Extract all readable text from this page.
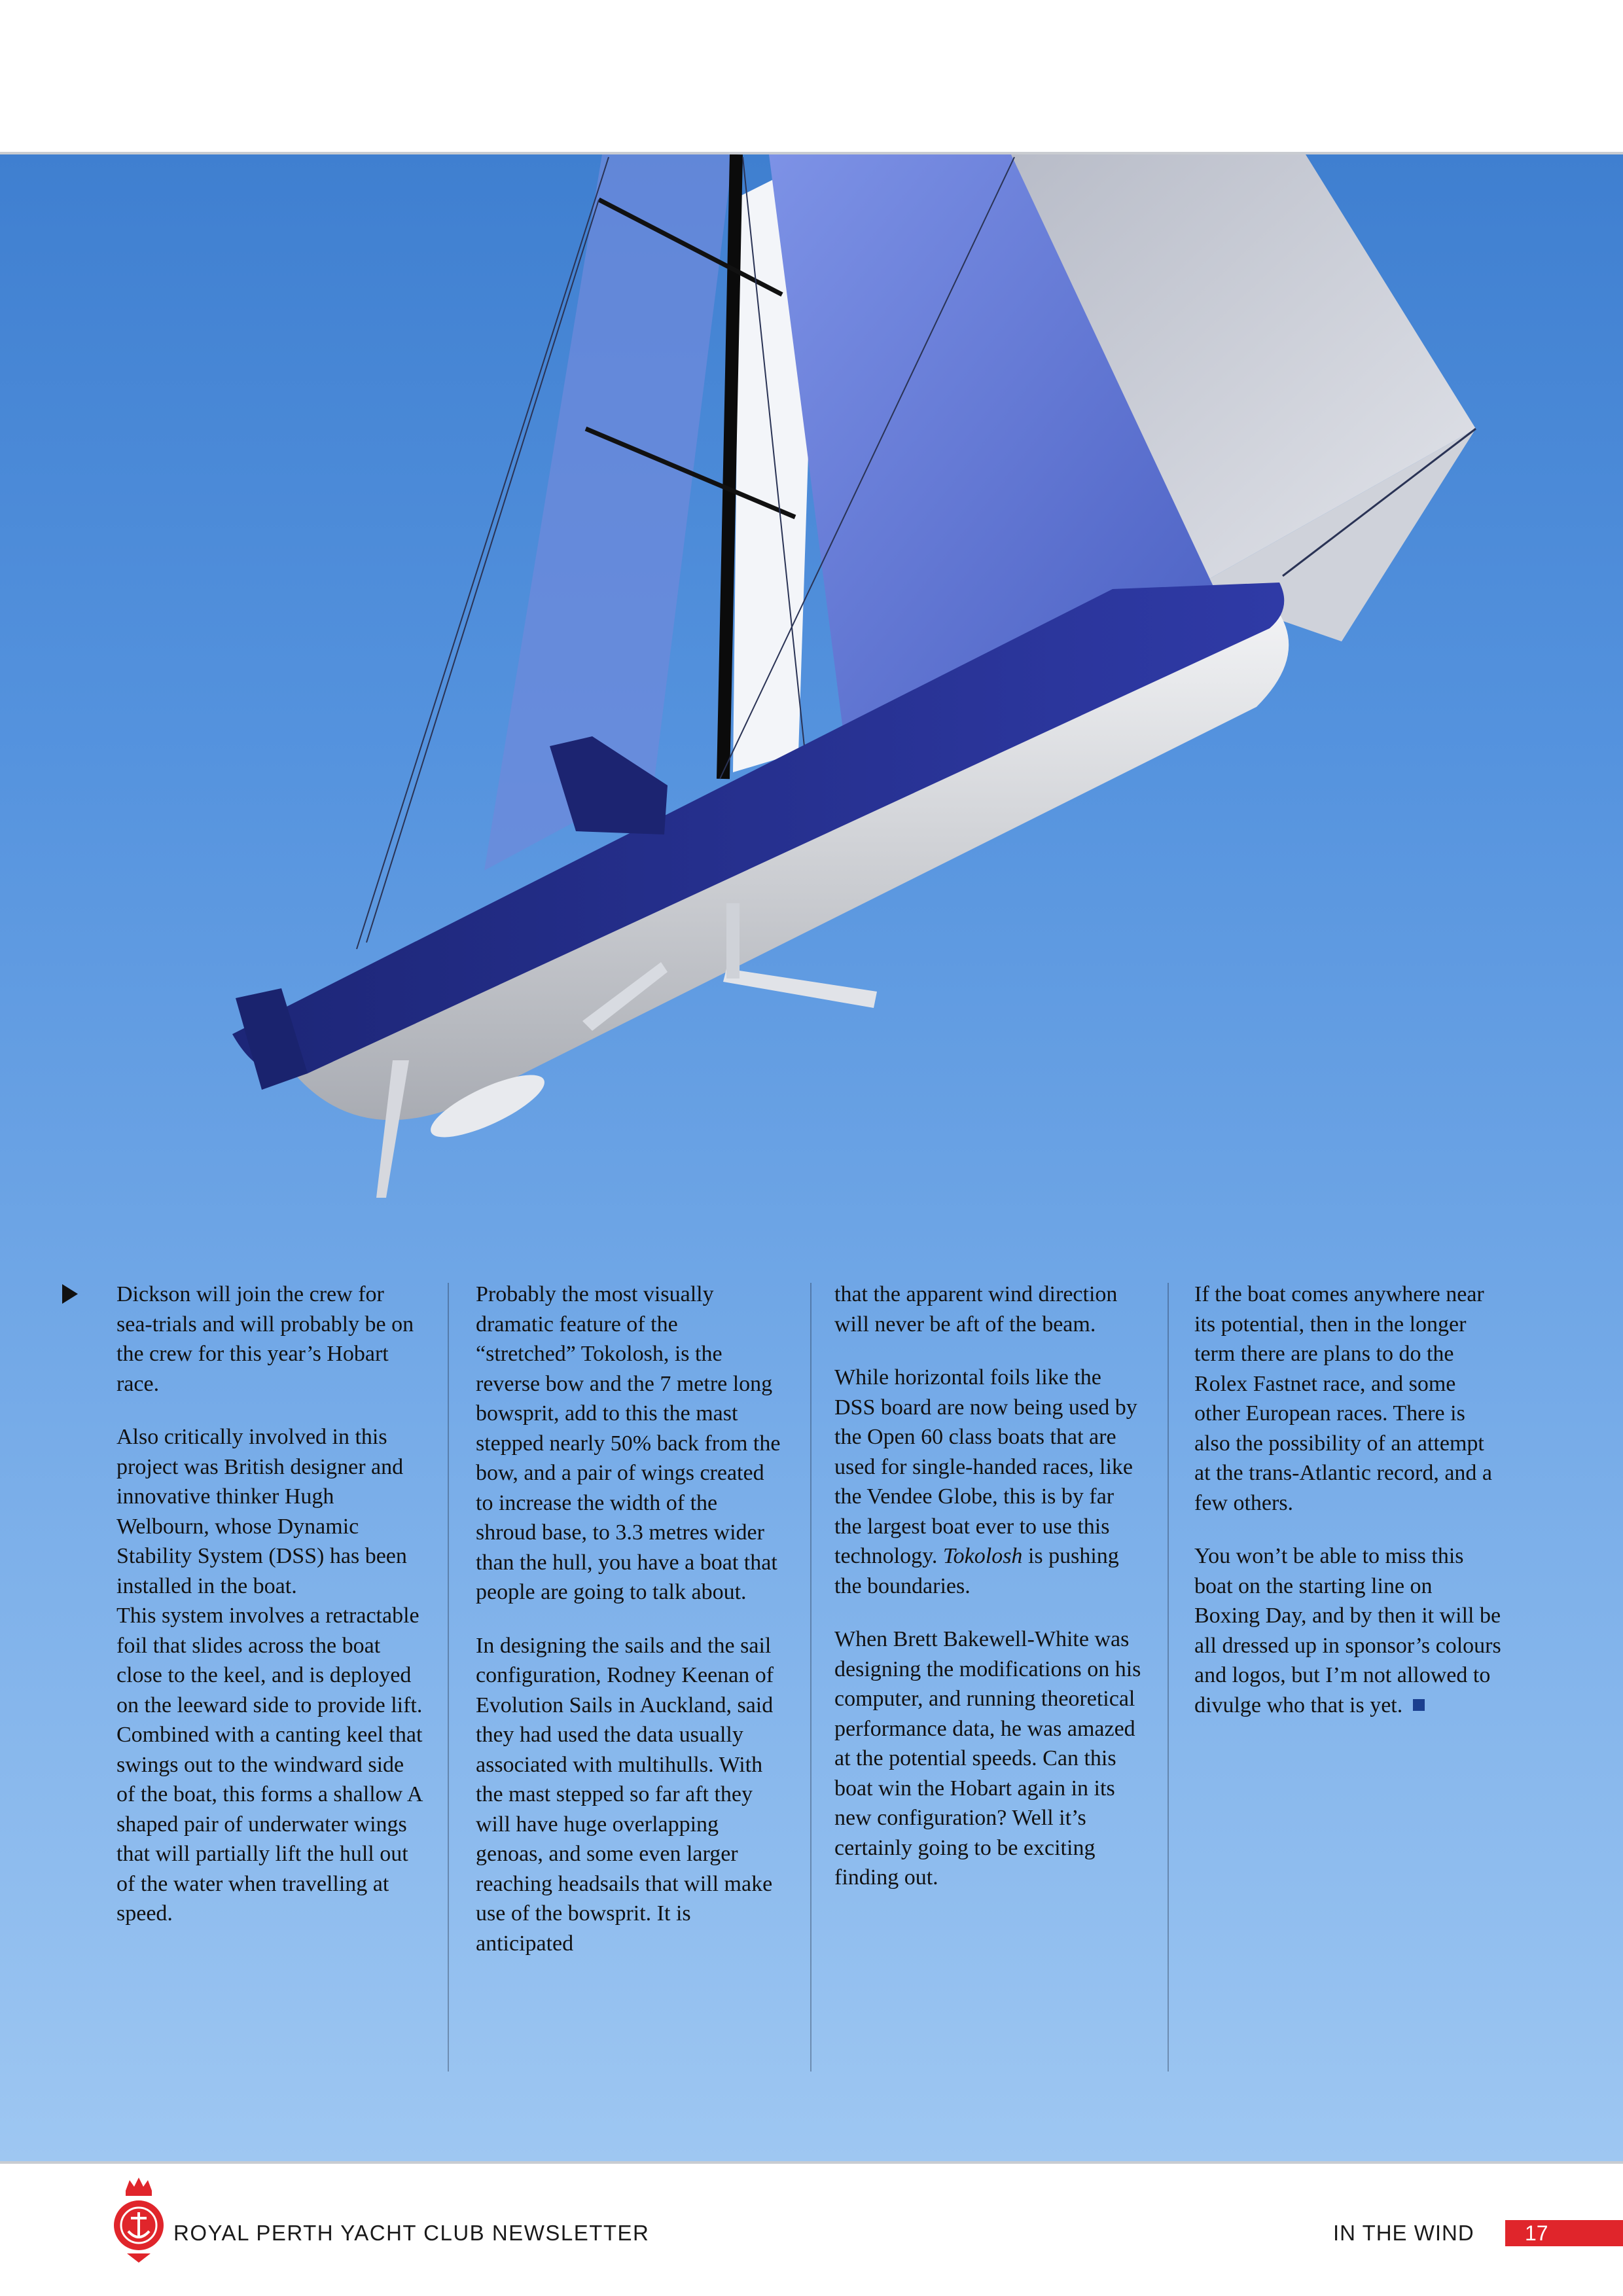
Dickson will join the crew for sea-trials and will probably be on the crew for this year’s Hobart race.

Also critically involved in this project was British designer and innovative thinker Hugh Welbourn, whose Dynamic Stability System (DSS) has been installed in the boat.

This system involves a retractable foil that slides across the boat close to the keel, and is deployed on the leeward side to provide lift. Combined with a canting keel that swings out to the windward side of the boat, this forms a shallow A shaped pair of underwater wings that will partially lift the hull out of the water when travelling at speed.

Probably the most visually dramatic feature of the “stretched” Tokolosh, is the reverse bow and the 7 metre long bowsprit, add to this the mast stepped nearly 50% back from the bow, and a pair of wings created to increase the width of the shroud base, to 3.3 metres wider than the hull, you have a boat that people are going to talk about.

In designing the sails and the sail configuration, Rodney Keenan of Evolution Sails in Auckland, said they had used the data usually associated with multihulls. With the mast stepped so far aft they will have huge overlapping genoas, and some even larger reaching headsails that will make use of the bowsprit. It is anticipated

that the apparent wind direction will never be aft of the beam.

While horizontal foils like the DSS board are now being used by the Open 60 class boats that are used for single-handed races, like the Vendee Globe, this is by far the largest boat ever to use this technology. Tokolosh is pushing the boundaries.

When Brett Bakewell-White was designing the modifications on his computer, and running theoretical performance data, he was amazed at the potential speeds. Can this boat win the Hobart again in its new configuration? Well it’s certainly going to be exciting finding out.

If the boat comes anywhere near its potential, then in the longer term there are plans to do the Rolex Fastnet race, and some other European races. There is also the possibility of an attempt at the trans-Atlantic record, and a few others.

You won’t be able to miss this boat on the starting line on Boxing Day, and by then it will be all dressed up in sponsor’s colours and logos, but I’m not allowed to divulge who that is yet.

ROYAL PERTH YACHT CLUB NEWSLETTER	IN THE WIND	17
